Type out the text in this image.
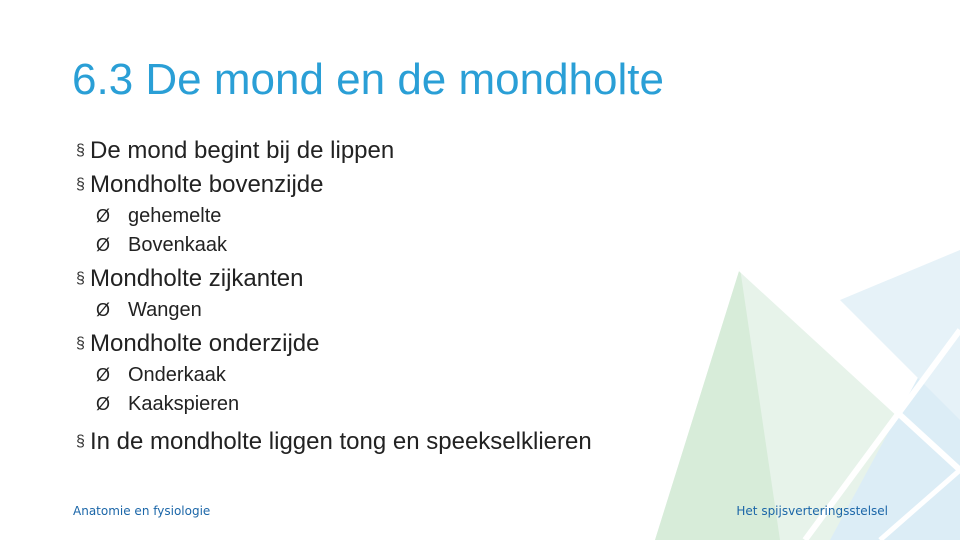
6.3 De mond en de mondholte
§ De mond begint bij de lippen
§ Mondholte bovenzijde
Ø gehemelte
Ø Bovenkaak
§ Mondholte zijkanten
Ø Wangen
§ Mondholte onderzijde
Ø Onderkaak
Ø Kaakspieren
§ In de mondholte liggen tong en speekselklieren
Anatomie en fysiologie	Het spijsverteringsstelsel
